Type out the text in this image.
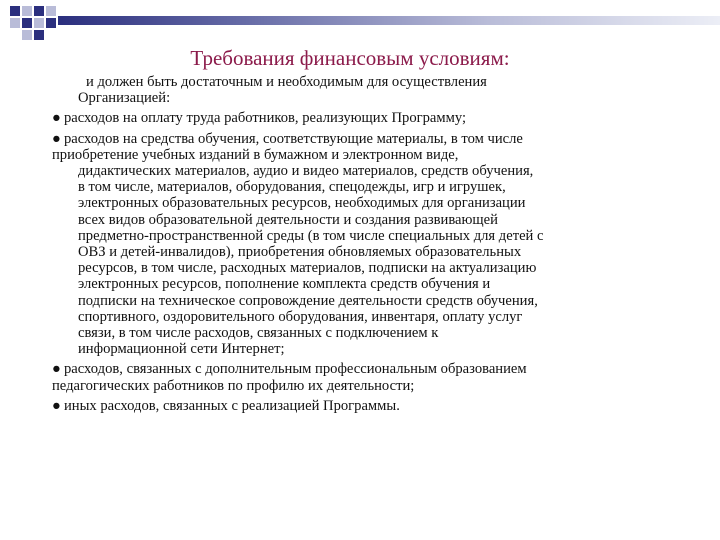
Требования финансовым условиям:
и должен быть достаточным и необходимым для осуществления
Организацией:
● расходов на оплату труда работников, реализующих Программу;
● расходов на средства обучения, соответствующие материалы, в том числе
приобретение учебных изданий в бумажном и электронном виде,
дидактических материалов, аудио и видео материалов, средств обучения,
в том числе, материалов, оборудования, спецодежды, игр и игрушек,
электронных образовательных ресурсов, необходимых для организации
всех видов образовательной деятельности и создания развивающей
предметно-пространственной среды (в том числе специальных для детей с
ОВЗ и детей-инвалидов), приобретения обновляемых образовательных
ресурсов, в том числе, расходных материалов, подписки на актуализацию
электронных ресурсов, пополнение комплекта средств обучения и
подписки на техническое сопровождение деятельности средств обучения,
спортивного, оздоровительного оборудования, инвентаря, оплату услуг
связи, в том числе расходов, связанных с подключением к
информационной сети Интернет;
● расходов, связанных с дополнительным профессиональным образованием
педагогических работников по профилю их деятельности;
● иных расходов, связанных с реализацией Программы.
